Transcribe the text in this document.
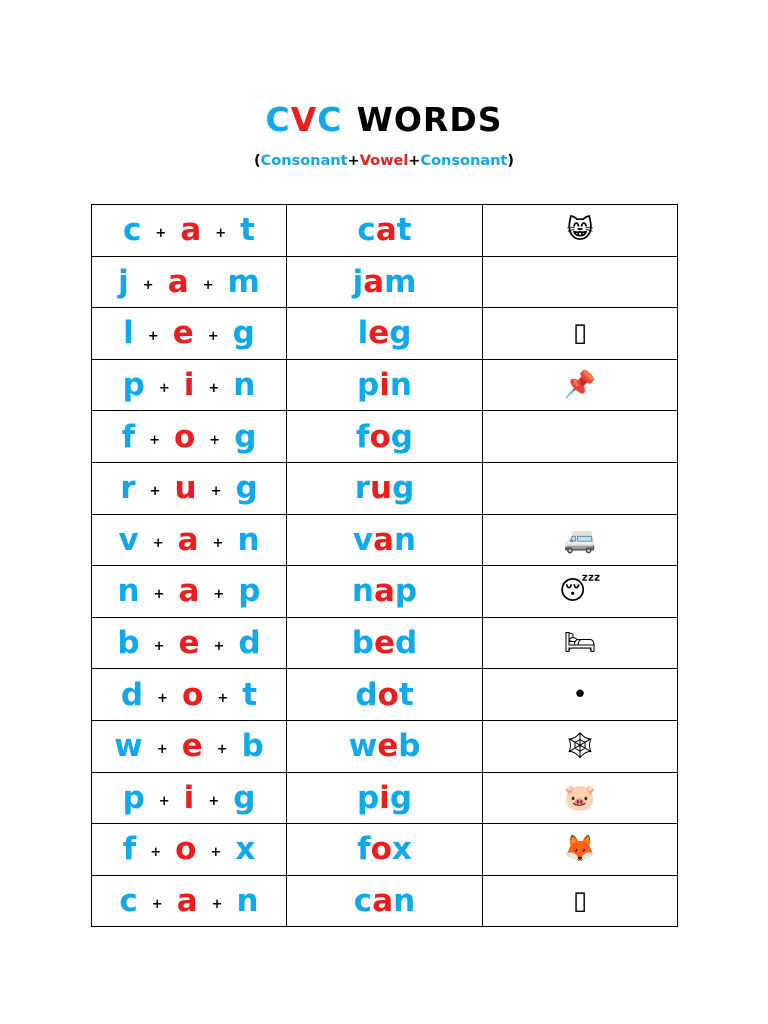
CVC WORDS
(Consonant+Vowel+Consonant)
c + a + t	cat	😸

j + a + m	jam	

l + e + g	leg	▯

p + i + n	pin	📌

f + o + g	fog	

r + u + g	rug	

v + a + n	van	🚐

n + a + p	nap	😴

b + e + d	bed	🛏

d + o + t	dot	•

w + e + b	web	🕸

p + i + g	pig	🐷

f + o + x	fox	🦊

c + a + n	can	▯
